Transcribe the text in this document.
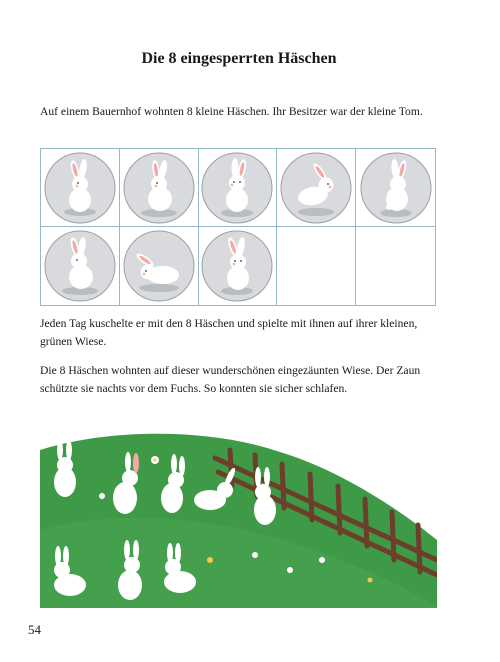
Die 8 eingesperrten Häschen

Auf einem Bauernhof wohnten 8 kleine Häschen. Ihr Besitzer war der kleine Tom.

Jeden Tag kuschelte er mit den 8 Häschen und spielte mit ihnen auf ihrer kleinen, grünen Wiese.

Die 8 Häschen wohnten auf dieser wunderschönen eingezäunten Wiese. Der Zaun schützte sie nachts vor dem Fuchs. So konnten sie sicher schlafen.

54
